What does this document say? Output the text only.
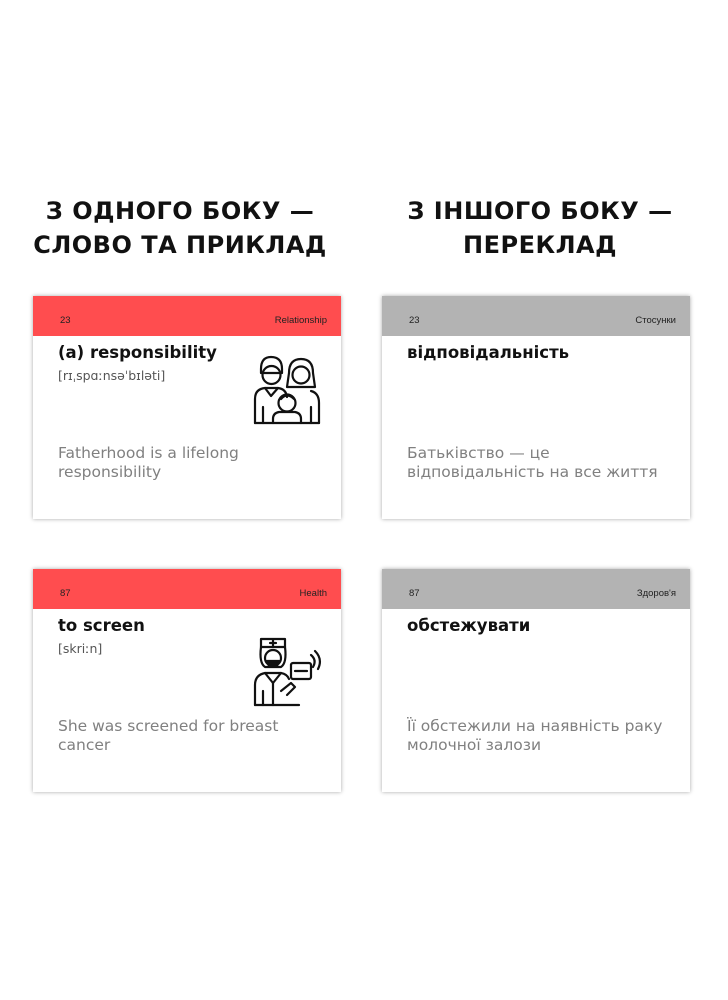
З ОДНОГО БОКУ —
СЛОВО ТА ПРИКЛАД
З ІНШОГО БОКУ —
ПЕРЕКЛАД
23	Relationship
(a) responsibility
[rɪˌspɑːnsəˈbɪləti]
Fatherhood is a lifelong responsibility
23	Стосунки
відповідальність
Батьківство — це відповідальність на все життя
87	Health
to screen
[skriːn]
She was screened for breast cancer
87	Здоров'я
обстежувати
Її обстежили на наявність раку молочної залози
